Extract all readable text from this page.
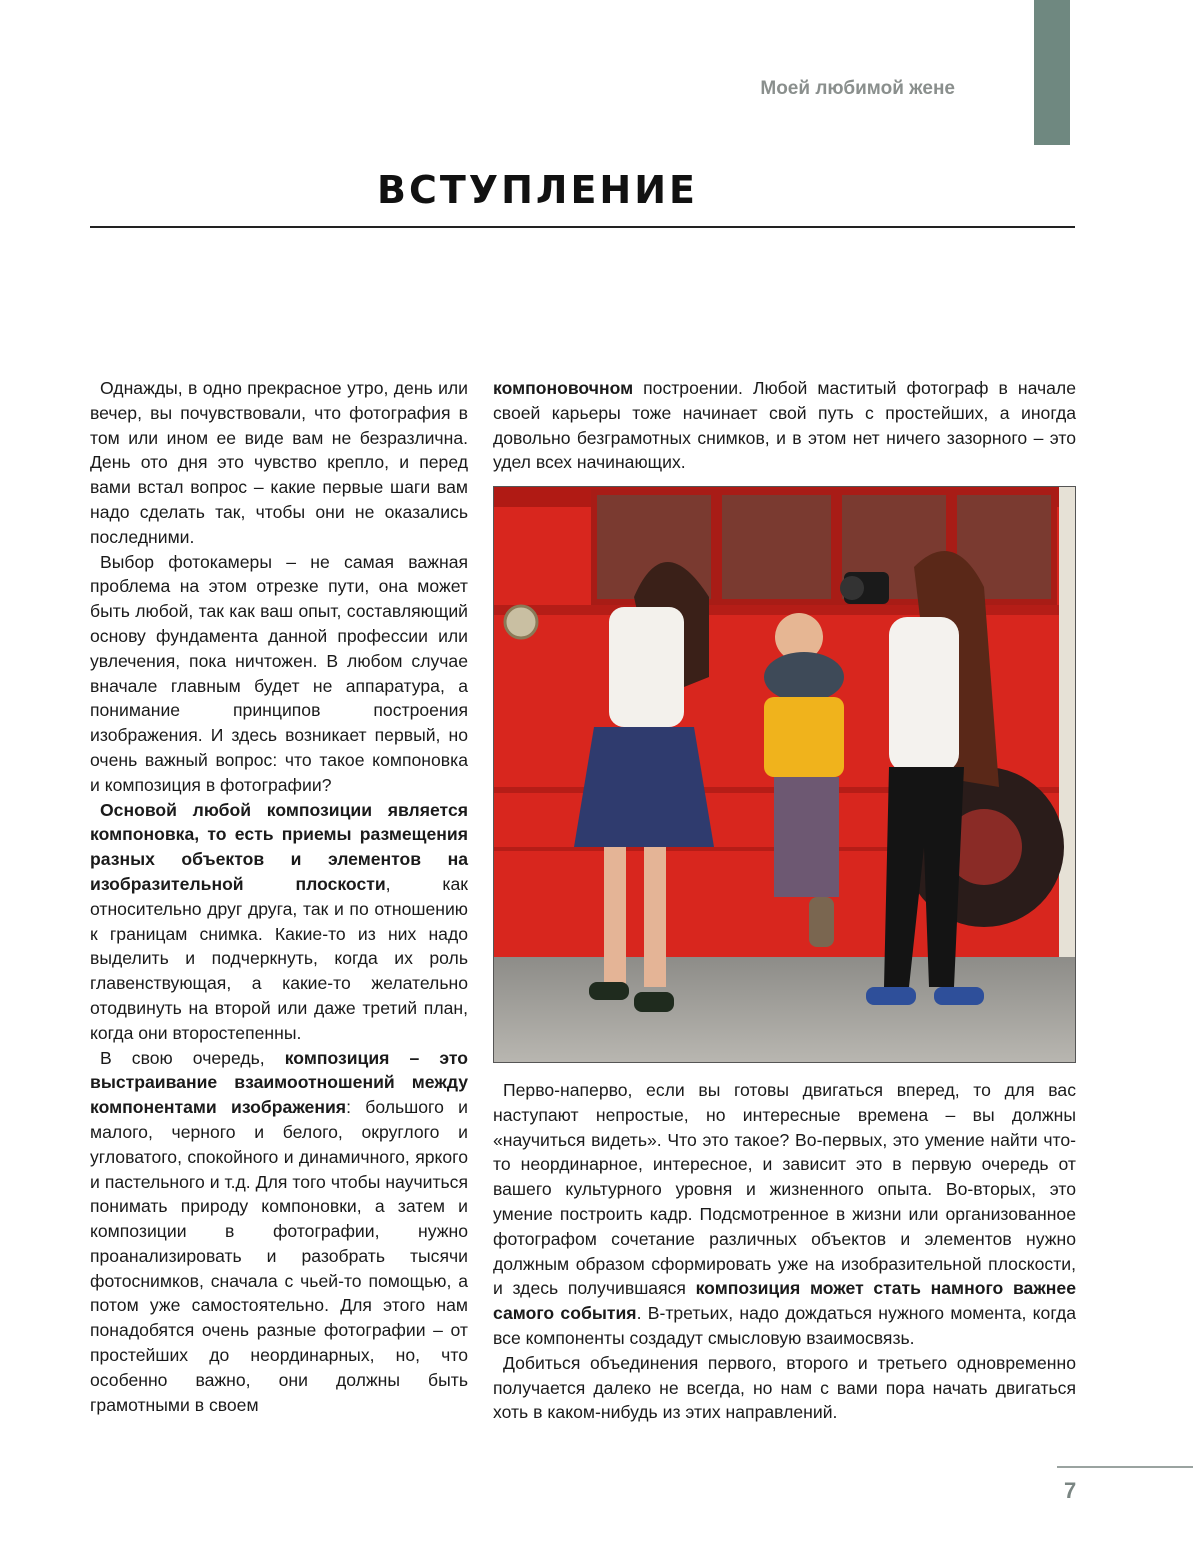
Моей любимой жене
ВСТУПЛЕНИЕ

Однажды, в одно прекрасное утро, день или вечер, вы почувствовали, что фотография в том или ином ее виде вам не безразлична. День ото дня это чувство крепло, и перед вами встал вопрос – какие первые шаги вам надо сделать так, чтобы они не оказались последними.

Выбор фотокамеры – не самая важная проблема на этом отрезке пути, она может быть любой, так как ваш опыт, составляющий основу фундамента данной профессии или увлечения, пока ничтожен. В любом случае вначале главным будет не аппаратура, а понимание принципов построения изображения. И здесь возникает первый, но очень важный вопрос: что такое компоновка и композиция в фотографии?

Основой любой композиции является компоновка, то есть приемы размещения разных объектов и элементов на изобразительной плоскости, как относительно друг друга, так и по отношению к границам снимка. Какие-то из них надо выделить и подчеркнуть, когда их роль главенствующая, а какие-то желательно отодвинуть на второй или даже третий план, когда они второстепенны.

В свою очередь, композиция – это выстраивание взаимоотношений между компонентами изображения: большого и малого, черного и белого, округлого и угловатого, спокойного и динамичного, яркого и пастельного и т.д. Для того чтобы научиться понимать природу компоновки, а затем и композиции в фотографии, нужно проанализировать и разобрать тысячи фотоснимков, сначала с чьей-то помощью, а потом уже самостоятельно. Для этого нам понадобятся очень разные фотографии – от простейших до неординарных, но, что особенно важно, они должны быть грамотными в своем

компоновочном построении. Любой маститый фотограф в начале своей карьеры тоже начинает свой путь с простейших, а иногда довольно безграмотных снимков, и в этом нет ничего зазорного – это удел всех начинающих.

Перво-наперво, если вы готовы двигаться вперед, то для вас наступают непростые, но интересные времена – вы должны «научиться видеть». Что это такое? Во-первых, это умение найти что-то неординарное, интересное, и зависит это в первую очередь от вашего культурного уровня и жизненного опыта. Во-вторых, это умение построить кадр. Подсмотренное в жизни или организованное фотографом сочетание различных объектов и элементов нужно должным образом сформировать уже на изобразительной плоскости, и здесь получившаяся композиция может стать намного важнее самого события. В-третьих, надо дождаться нужного момента, когда все компоненты создадут смысловую взаимосвязь.

Добиться объединения первого, второго и третьего одновременно получается далеко не всегда, но нам с вами пора начать двигаться хоть в каком-нибудь из этих направлений.

7
